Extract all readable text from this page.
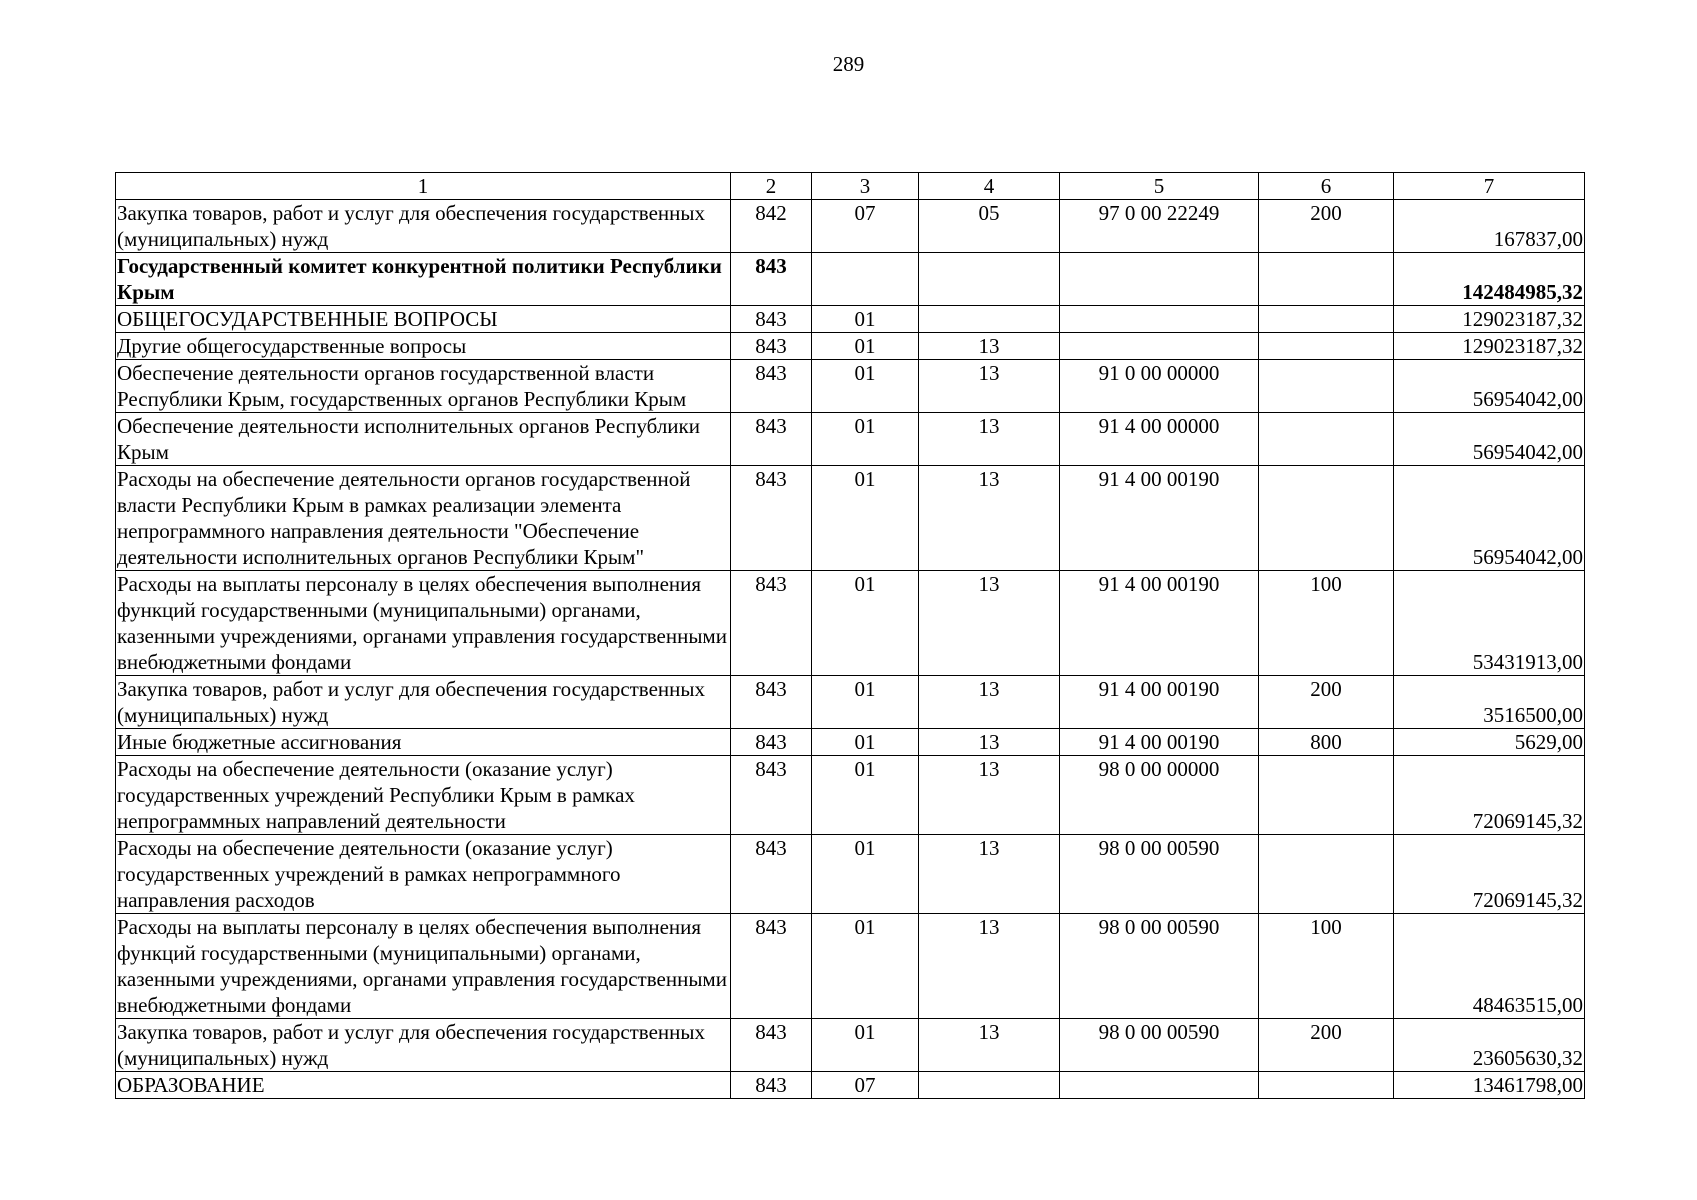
289
1	2	3	4	5	6	7
Закупка товаров, работ и услуг для обеспечения государственных (муниципальных) нужд	842	07	05	97 0 00 22249	200	167837,00
Государственный комитет конкурентной политики Республики Крым	843					142484985,32
ОБЩЕГОСУДАРСТВЕННЫЕ ВОПРОСЫ	843	01				129023187,32
Другие общегосударственные вопросы	843	01	13			129023187,32
Обеспечение деятельности органов государственной власти Республики Крым, государственных органов Республики Крым	843	01	13	91 0 00 00000		56954042,00
Обеспечение деятельности исполнительных органов Республики Крым	843	01	13	91 4 00 00000		56954042,00
Расходы на обеспечение деятельности органов государственной власти Республики Крым в рамках реализации элемента непрограммного направления деятельности "Обеспечение деятельности исполнительных органов Республики Крым"	843	01	13	91 4 00 00190		56954042,00
Расходы на выплаты персоналу в целях обеспечения выполнения функций государственными (муниципальными) органами, казенными учреждениями, органами управления государственными внебюджетными фондами	843	01	13	91 4 00 00190	100	53431913,00
Закупка товаров, работ и услуг для обеспечения государственных (муниципальных) нужд	843	01	13	91 4 00 00190	200	3516500,00
Иные бюджетные ассигнования	843	01	13	91 4 00 00190	800	5629,00
Расходы на обеспечение деятельности (оказание услуг) государственных учреждений Республики Крым в рамках непрограммных направлений деятельности	843	01	13	98 0 00 00000		72069145,32
Расходы на обеспечение деятельности (оказание услуг) государственных учреждений в рамках непрограммного направления расходов	843	01	13	98 0 00 00590		72069145,32
Расходы на выплаты персоналу в целях обеспечения выполнения функций государственными (муниципальными) органами, казенными учреждениями, органами управления государственными внебюджетными фондами	843	01	13	98 0 00 00590	100	48463515,00
Закупка товаров, работ и услуг для обеспечения государственных (муниципальных) нужд	843	01	13	98 0 00 00590	200	23605630,32
ОБРАЗОВАНИЕ	843	07				13461798,00
